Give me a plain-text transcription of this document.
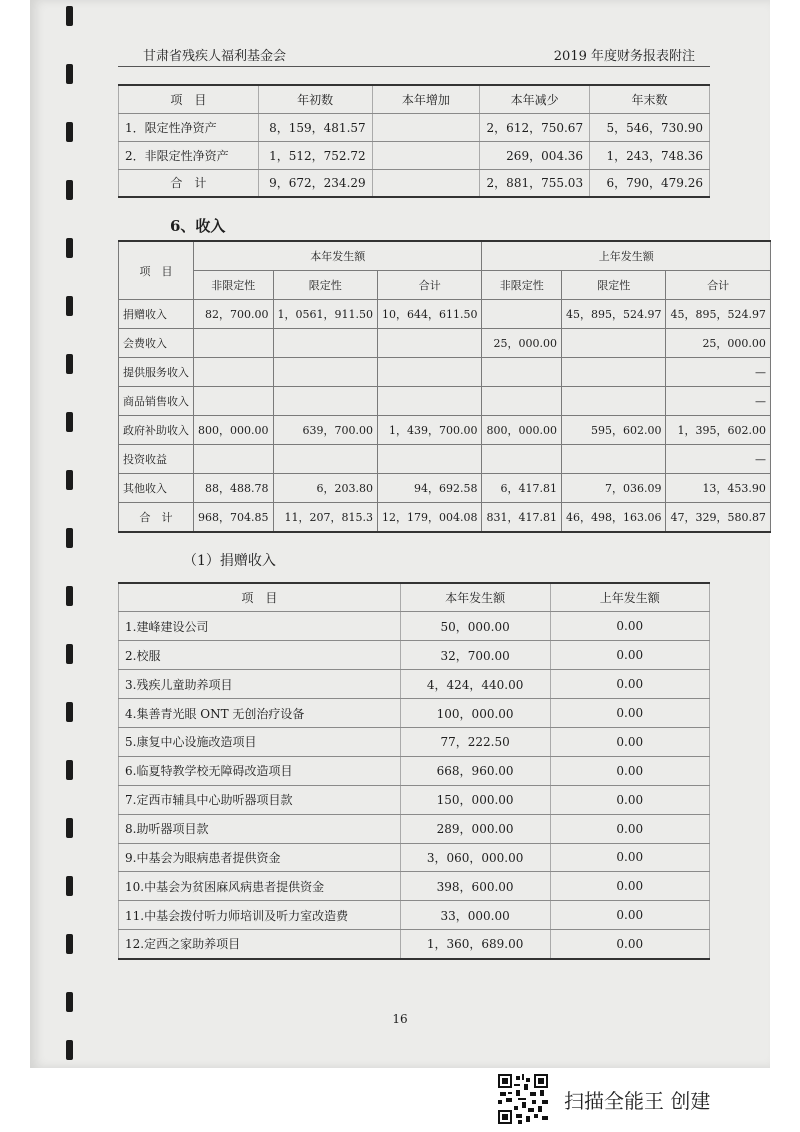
甘肃省残疾人福利基金会	2019 年度财务报表附注
项　目	年初数	本年增加	本年减少	年末数
1．限定性净资产	8，159，481.57		2，612，750.67	5，546，730.90
2．非限定性净资产	1，512，752.72		269，004.36	1，243，748.36
合　计	9，672，234.29		2，881，755.03	6，790，479.26
6、收入
项　目	本年发生额			上年发生额		
	非限定性	限定性	合计	非限定性	限定性	合计
捐赠收入	82，700.00	1，0561，911.50	10，644，611.50		45，895，524.97	45，895，524.97
会费收入				25，000.00		25，000.00
提供服务收入						—
商品销售收入						—
政府补助收入	800，000.00	639，700.00	1，439，700.00	800，000.00	595，602.00	1，395，602.00
投资收益						—
其他收入	88，488.78	6，203.80	94，692.58	6，417.81	7，036.09	13，453.90
合　计	968，704.85	11，207，815.3	12，179，004.08	831，417.81	46，498，163.06	47，329，580.87
（1）捐赠收入
项　目	本年发生额	上年发生额
1.建峰建设公司	50，000.00	0.00
2.校服	32，700.00	0.00
3.残疾儿童助养项目	4，424，440.00	0.00
4.集善青光眼 ONT 无创治疗设备	100，000.00	0.00
5.康复中心设施改造项目	77，222.50	0.00
6.临夏特教学校无障碍改造项目	668，960.00	0.00
7.定西市辅具中心助听器项目款	150，000.00	0.00
8.助听器项目款	289，000.00	0.00
9.中基会为眼病患者提供资金	3，060，000.00	0.00
10.中基会为贫困麻风病患者提供资金	398，600.00	0.00
11.中基会拨付听力师培训及听力室改造费	33，000.00	0.00
12.定西之家助养项目	1，360，689.00	0.00
16
扫描全能王 创建
